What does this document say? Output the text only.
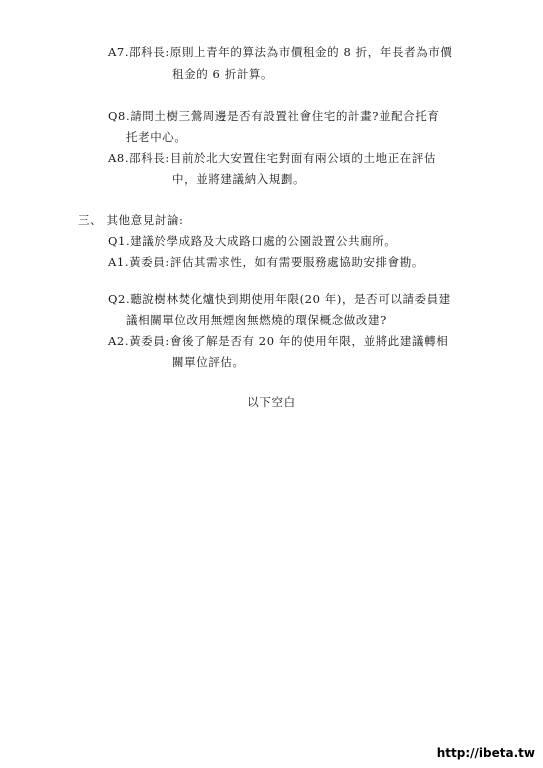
A7.邵科長:原則上青年的算法為市價租金的 8 折，年長者為市價
租金的 6 折計算。
Q8.請問土樹三鶯周邊是否有設置社會住宅的計畫?並配合托育
托老中心。
A8.邵科長:目前於北大安置住宅對面有兩公頃的土地正在評估
中，並將建議納入規劃。
三、 其他意見討論:
Q1.建議於學成路及大成路口處的公園設置公共廁所。
A1.黃委員:評估其需求性，如有需要服務處協助安排會勘。
Q2.聽說樹林焚化爐快到期使用年限(20 年)，是否可以請委員建
議相關單位改用無煙囪無燃燒的環保概念做改建?
A2.黃委員:會後了解是否有 20 年的使用年限，並將此建議轉相
關單位評估。
以下空白
http://ibeta.tw
